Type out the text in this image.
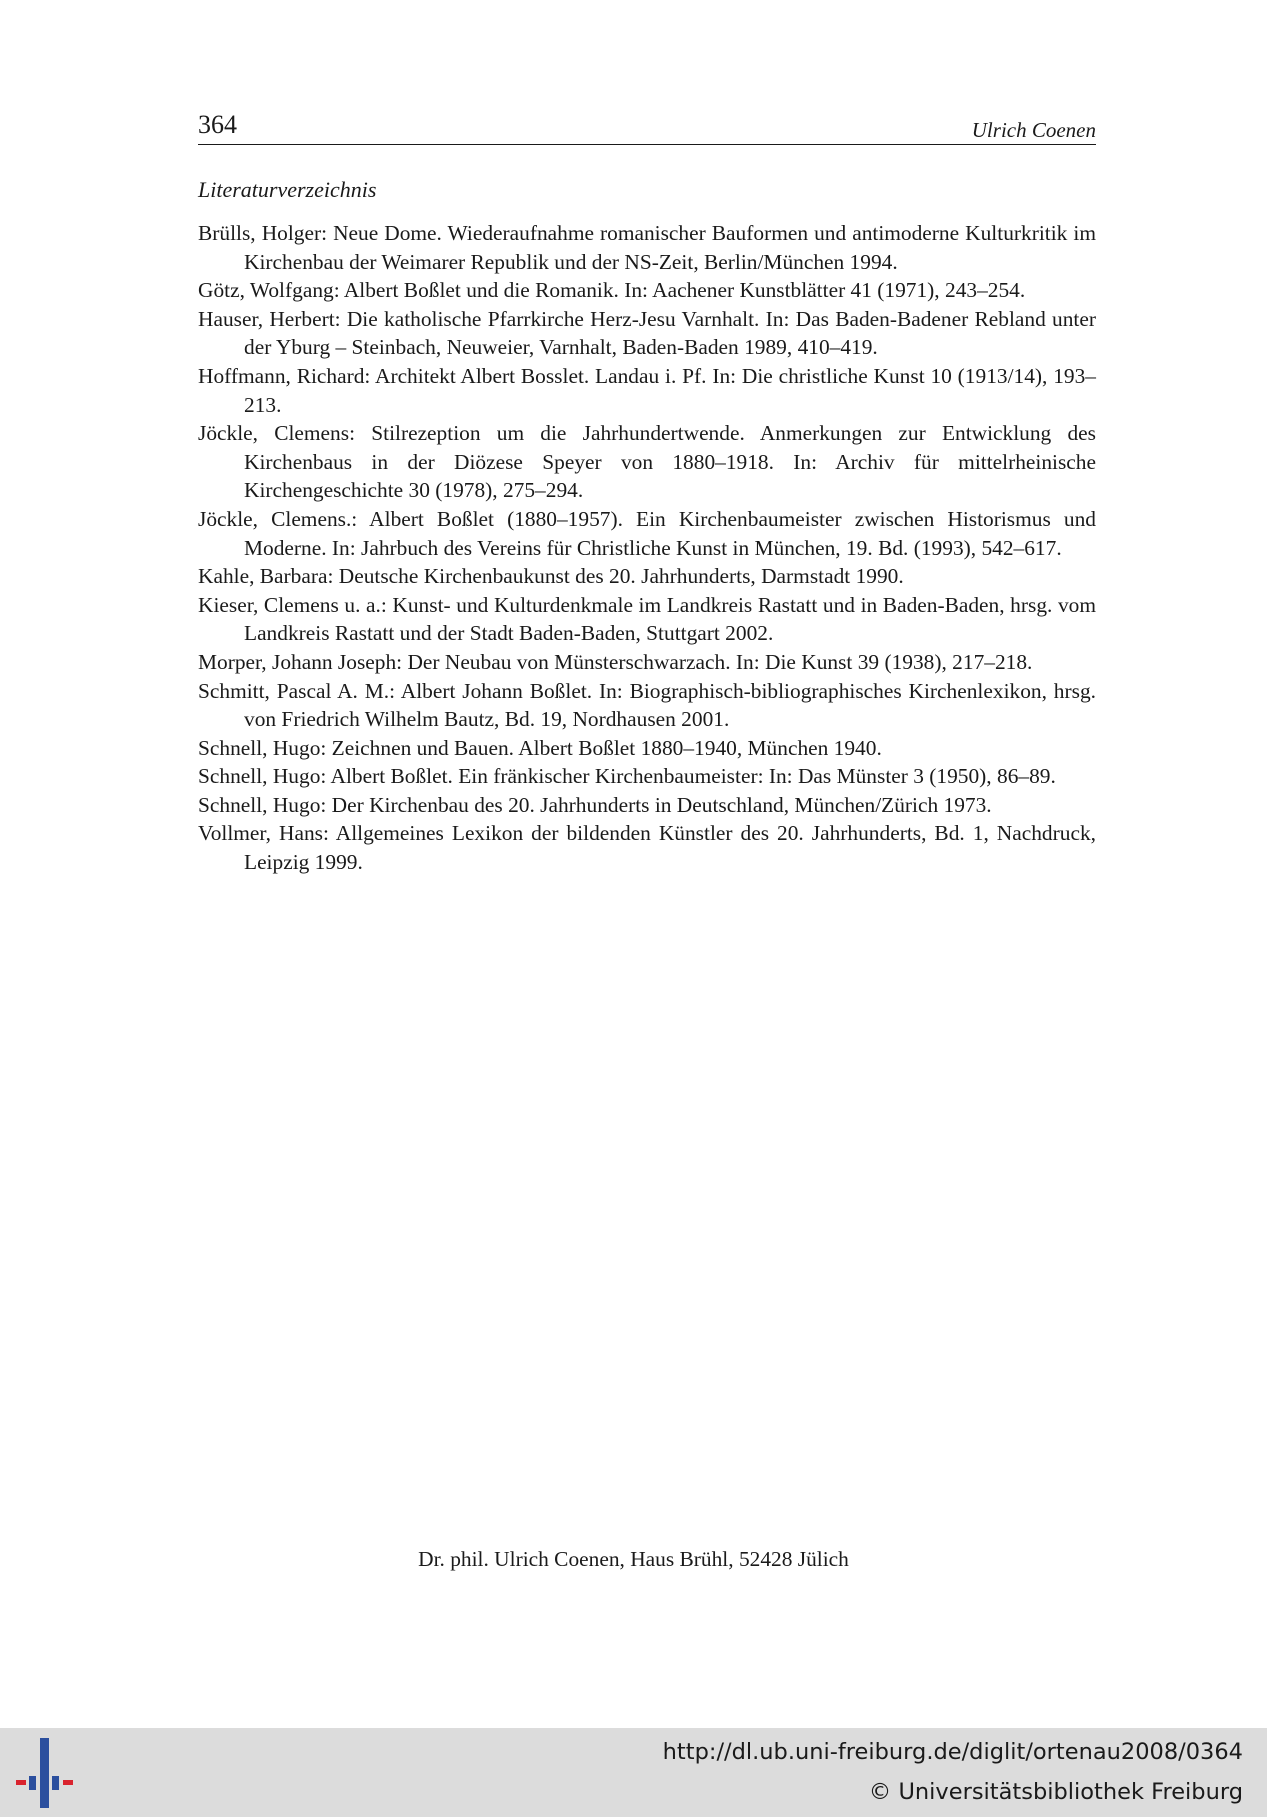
364	Ulrich Coenen
Literaturverzeichnis

Brülls, Holger: Neue Dome. Wiederaufnahme romanischer Bauformen und antimoderne Kulturkritik im Kirchenbau der Weimarer Republik und der NS-Zeit, Berlin/München 1994.

Götz, Wolfgang: Albert Boßlet und die Romanik. In: Aachener Kunstblätter 41 (1971), 243–254.

Hauser, Herbert: Die katholische Pfarrkirche Herz-Jesu Varnhalt. In: Das Baden-Badener Rebland unter der Yburg – Steinbach, Neuweier, Varnhalt, Baden-Baden 1989, 410–419.

Hoffmann, Richard: Architekt Albert Bosslet. Landau i. Pf. In: Die christliche Kunst 10 (1913/14), 193–213.

Jöckle, Clemens: Stilrezeption um die Jahrhundertwende. Anmerkungen zur Entwicklung des Kirchenbaus in der Diözese Speyer von 1880–1918. In: Archiv für mittelrheinische Kirchengeschichte 30 (1978), 275–294.

Jöckle, Clemens.: Albert Boßlet (1880–1957). Ein Kirchenbaumeister zwischen Historismus und Moderne. In: Jahrbuch des Vereins für Christliche Kunst in München, 19. Bd. (1993), 542–617.

Kahle, Barbara: Deutsche Kirchenbaukunst des 20. Jahrhunderts, Darmstadt 1990.

Kieser, Clemens u. a.: Kunst- und Kulturdenkmale im Landkreis Rastatt und in Baden-Baden, hrsg. vom Landkreis Rastatt und der Stadt Baden-Baden, Stuttgart 2002.

Morper, Johann Joseph: Der Neubau von Münsterschwarzach. In: Die Kunst 39 (1938), 217–218.

Schmitt, Pascal A. M.: Albert Johann Boßlet. In: Biographisch-bibliographisches Kirchenlexikon, hrsg. von Friedrich Wilhelm Bautz, Bd. 19, Nordhausen 2001.

Schnell, Hugo: Zeichnen und Bauen. Albert Boßlet 1880–1940, München 1940.

Schnell, Hugo: Albert Boßlet. Ein fränkischer Kirchenbaumeister: In: Das Münster 3 (1950), 86–89.

Schnell, Hugo: Der Kirchenbau des 20. Jahrhunderts in Deutschland, München/Zürich 1973.

Vollmer, Hans: Allgemeines Lexikon der bildenden Künstler des 20. Jahrhunderts, Bd. 1, Nachdruck, Leipzig 1999.

Dr. phil. Ulrich Coenen, Haus Brühl, 52428 Jülich
http://dl.ub.uni-freiburg.de/diglit/ortenau2008/0364
© Universitätsbibliothek Freiburg
